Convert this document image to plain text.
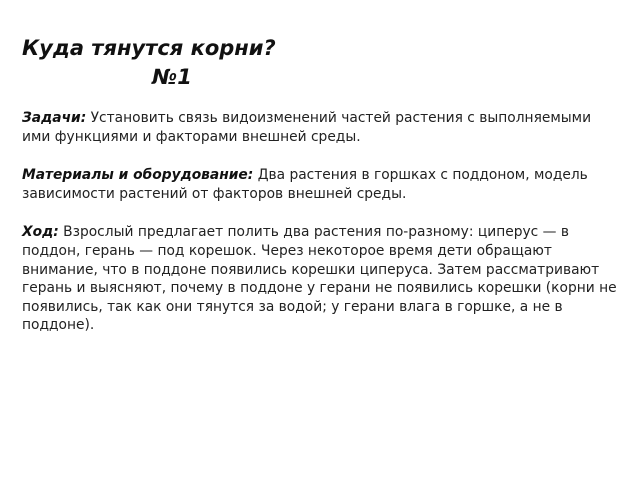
Куда тянутся корни?
№1

Задачи: Установить связь видоизменений частей растения с выполняемыми ими функциями и факторами внешней среды.

Материалы и оборудование: Два растения в горшках с поддоном, модель зависимости растений от факторов внешней среды.

Ход: Взрослый предлагает полить два растения по-разному: циперус — в поддон, герань — под корешок. Через некоторое время дети обращают внимание, что в поддоне появились корешки циперуса. Затем рассматривают герань и выясняют, почему в поддоне у герани не появились корешки (корни не появились, так как они тянутся за водой; у герани влага в горшке, а не в поддоне).
